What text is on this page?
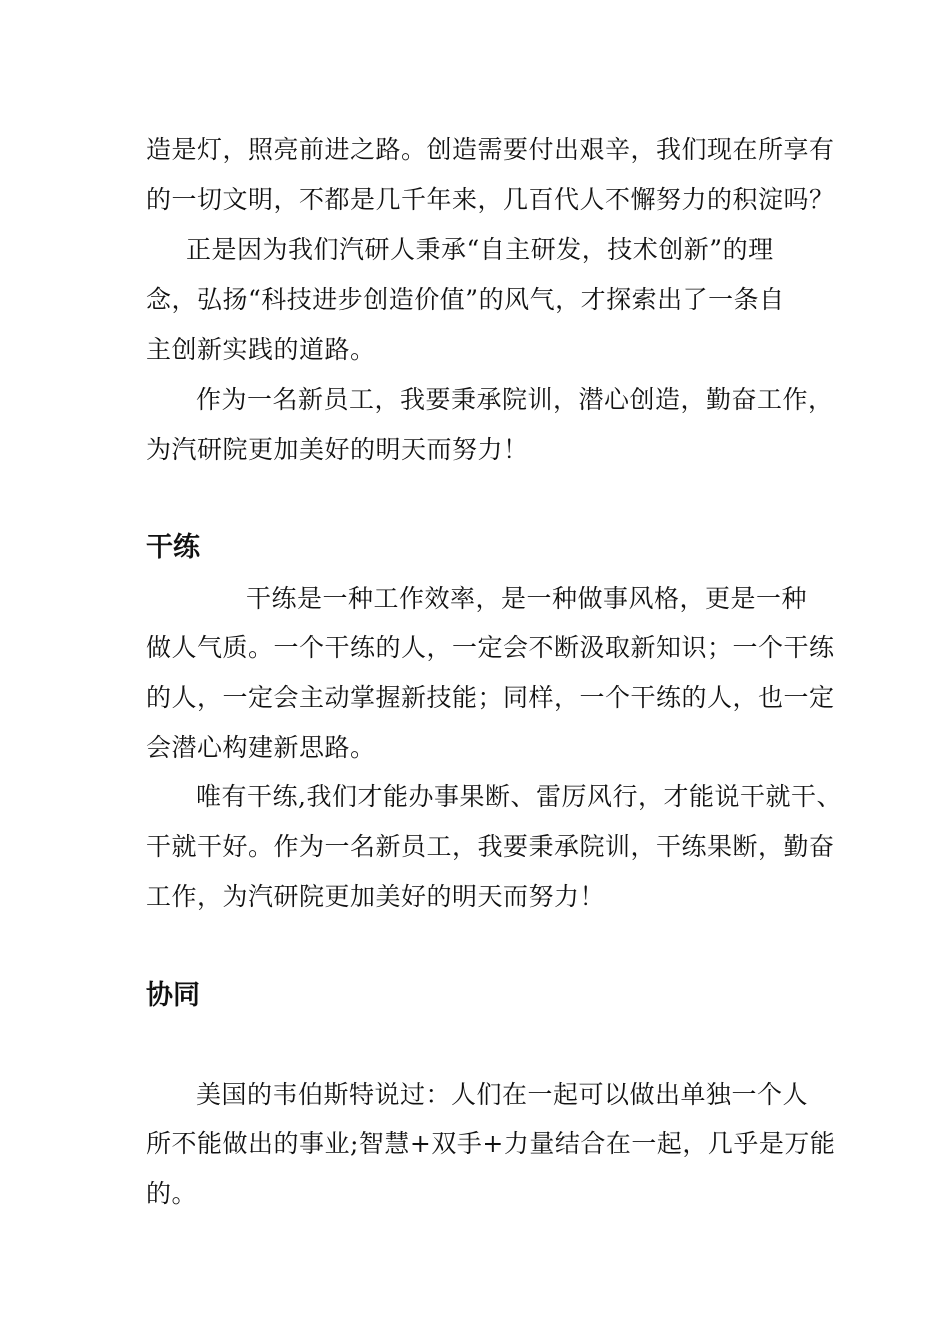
造是灯，照亮前进之路。创造需要付出艰辛，我们现在所享有
的一切文明，不都是几千年来，几百代人不懈努力的积淀吗？
正是因为我们汽研人秉承“自主研发，技术创新”的理
念，弘扬“科技进步创造价值”的风气，才探索出了一条自
主创新实践的道路。
作为一名新员工，我要秉承院训，潜心创造，勤奋工作，
为汽研院更加美好的明天而努力！
干练
干练是一种工作效率，是一种做事风格，更是一种
做人气质。一个干练的人，一定会不断汲取新知识；一个干练
的人，一定会主动掌握新技能；同样，一个干练的人，也一定
会潜心构建新思路。
唯有干练,我们才能办事果断、雷厉风行，才能说干就干、
干就干好。作为一名新员工，我要秉承院训，干练果断，勤奋
工作，为汽研院更加美好的明天而努力！
协同
美国的韦伯斯特说过：人们在一起可以做出单独一个人
所不能做出的事业;智慧+双手+力量结合在一起，几乎是万能
的。
